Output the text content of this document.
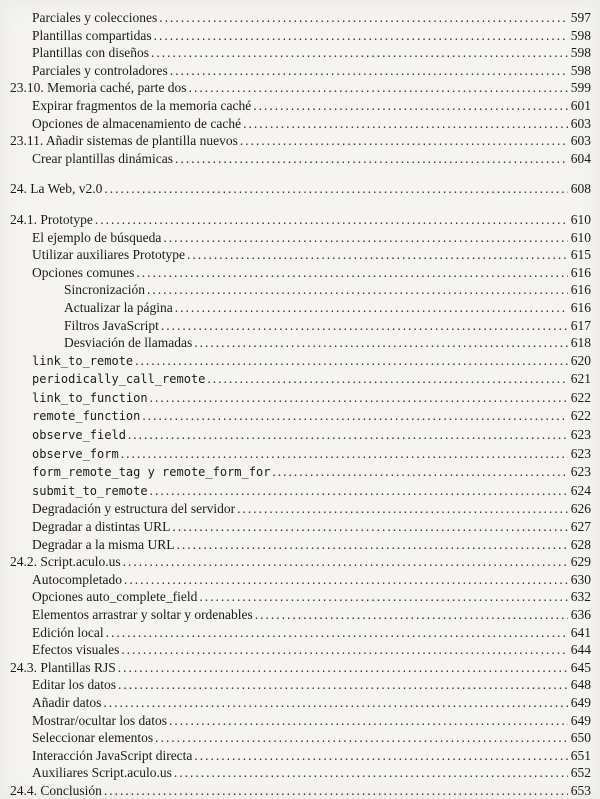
Parciales y colecciones .....	597
Plantillas compartidas .....	598
Plantillas con diseños .....	598
Parciales y controladores .....	598
23.10. Memoria caché, parte dos .....	599
Expirar fragmentos de la memoria caché .....	601
Opciones de almacenamiento de caché .....	603
23.11. Añadir sistemas de plantilla nuevos .....	603
Crear plantillas dinámicas .....	604
24. La Web, v2.0 .....	608
24.1. Prototype .....	610
El ejemplo de búsqueda .....	610
Utilizar auxiliares Prototype .....	615
Opciones comunes .....	616
Sincronización .....	616
Actualizar la página .....	616
Filtros JavaScript .....	617
Desviación de llamadas .....	618
link_to_remote .....	620
periodically_call_remote .....	621
link_to_function .....	622
remote_function .....	622
observe_field .....	623
observe_form .....	623
form_remote_tag y remote_form_for .....	623
submit_to_remote .....	624
Degradación y estructura del servidor .....	626
Degradar a distintas URL .....	627
Degradar a la misma URL .....	628
24.2. Script.aculo.us .....	629
Autocompletado .....	630
Opciones auto_complete_field .....	632
Elementos arrastrar y soltar y ordenables .....	636
Edición local .....	641
Efectos visuales .....	644
24.3. Plantillas RJS .....	645
Editar los datos .....	648
Añadir datos .....	649
Mostrar/ocultar los datos .....	649
Seleccionar elementos .....	650
Interacción JavaScript directa .....	651
Auxiliares Script.aculo.us .....	652
24.4. Conclusión .....	653
